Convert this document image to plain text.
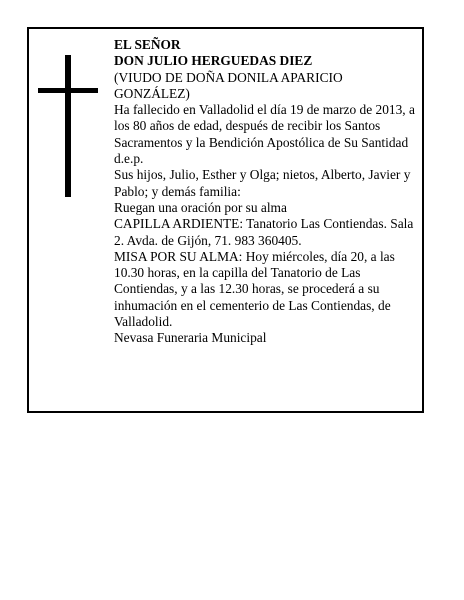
EL SEÑOR
DON JULIO HERGUEDAS DIEZ
(VIUDO DE DOÑA DONILA APARICIO GONZÁLEZ)
Ha fallecido en Valladolid el día 19 de marzo de 2013, a los 80 años de edad, después de recibir los Santos Sacramentos y la Bendición Apostólica de Su Santidad
d.e.p.
Sus hijos, Julio, Esther y Olga; nietos, Alberto, Javier y Pablo; y demás familia:
Ruegan una oración por su alma
CAPILLA ARDIENTE: Tanatorio Las Contiendas. Sala 2. Avda. de Gijón, 71. 983 360405.
MISA POR SU ALMA: Hoy miércoles, día 20, a las 10.30 horas, en la capilla del Tanatorio de Las Contiendas, y a las 12.30 horas, se procederá a su inhumación en el cementerio de Las Contiendas, de Valladolid.
Nevasa Funeraria Municipal
